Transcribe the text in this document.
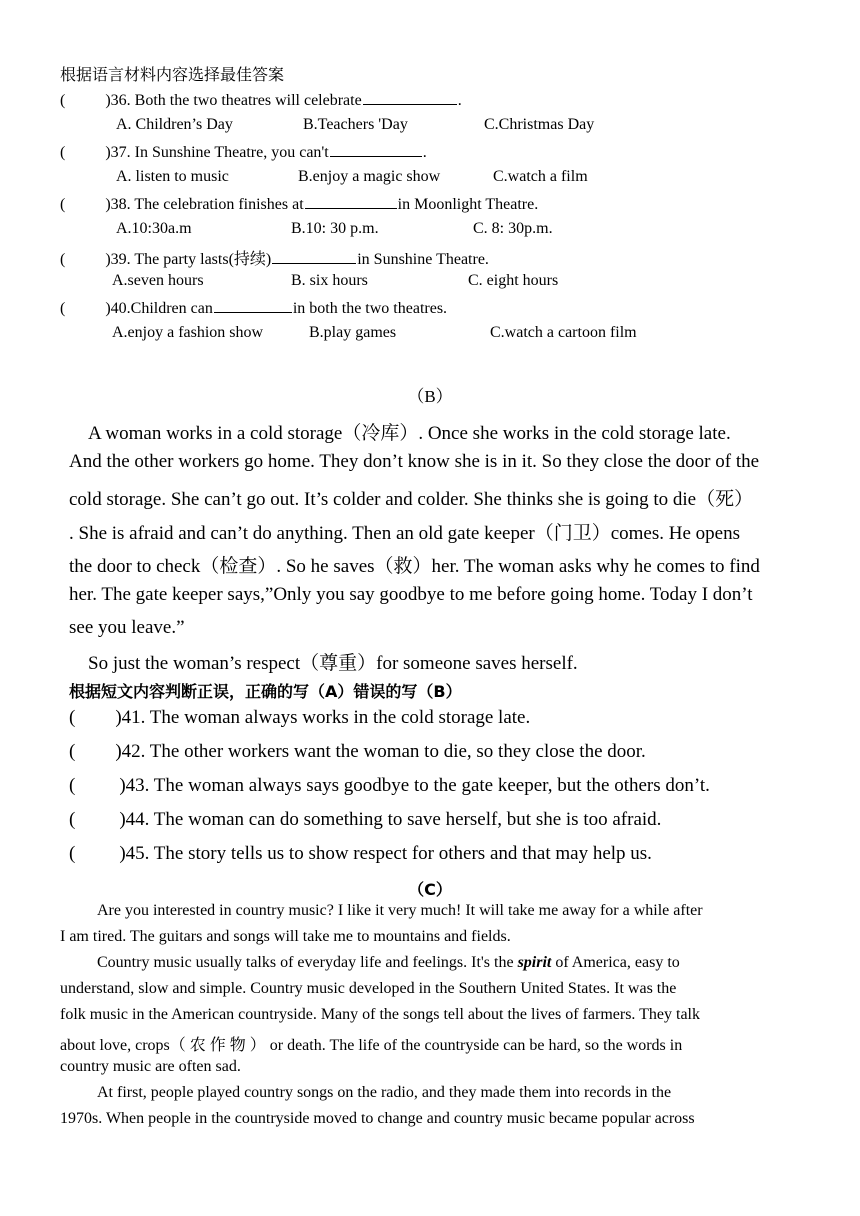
根据语言材料内容选择最佳答案
(	)36. Both the two theatres will celebrate	.
A. Children’s Day	B.Teachers 'Day	C.Christmas Day
(	)37. In Sunshine Theatre, you can't	.
A. listen to music	B.enjoy a magic show	C.watch a film
(	)38. The celebration finishes at	in Moonlight Theatre.
A.10:30a.m	B.10: 30 p.m.	C. 8: 30p.m.
(	)39. The party lasts(持续)	in Sunshine Theatre.
A.seven hours	B. six hours	C. eight hours
(	)40.Children can	in both the two theatres.
A.enjoy a fashion show	B.play games	C.watch a cartoon film
（B）
A woman works in a cold storage（冷库）. Once she works in the cold storage late.
And the other workers go home. They don’t know she is in it. So they close the door of the
cold storage. She can’t go out. It’s colder and colder. She thinks she is going to die（死）
. She is afraid and can’t do anything. Then an old gate keeper（门卫）comes. He opens
the door to check（检查）. So he saves（救）her. The woman asks why he comes to find
her. The gate keeper says,”Only you say goodbye to me before going home. Today I don’t
see you leave.”
So just the woman’s respect（尊重）for someone saves herself.
根据短文内容判断正误，正确的写（A）错误的写（B）
( )41. The woman always works in the cold storage late.
( )42. The other workers want the woman to die, so they close the door.
( )43. The woman always says goodbye to the gate keeper, but the others don’t.
( )44. The woman can do something to save herself, but she is too afraid.
( )45. The story tells us to show respect for others and that may help us.
（C）
Are you interested in country music? I like it very much! It will take me away for a while after
I am tired. The guitars and songs will take me to mountains and fields.
Country music usually talks of everyday life and feelings. It's the spirit of America, easy to
understand, slow and simple. Country music developed in the Southern United States. It was the
folk music in the American countryside. Many of the songs tell about the lives of farmers. They talk
about love, crops（ 农 作 物 ） or death. The life of the countryside can be hard, so the words in
country music are often sad.
At first, people played country songs on the radio, and they made them into records in the
1970s. When people in the countryside moved to change and country music became popular across
